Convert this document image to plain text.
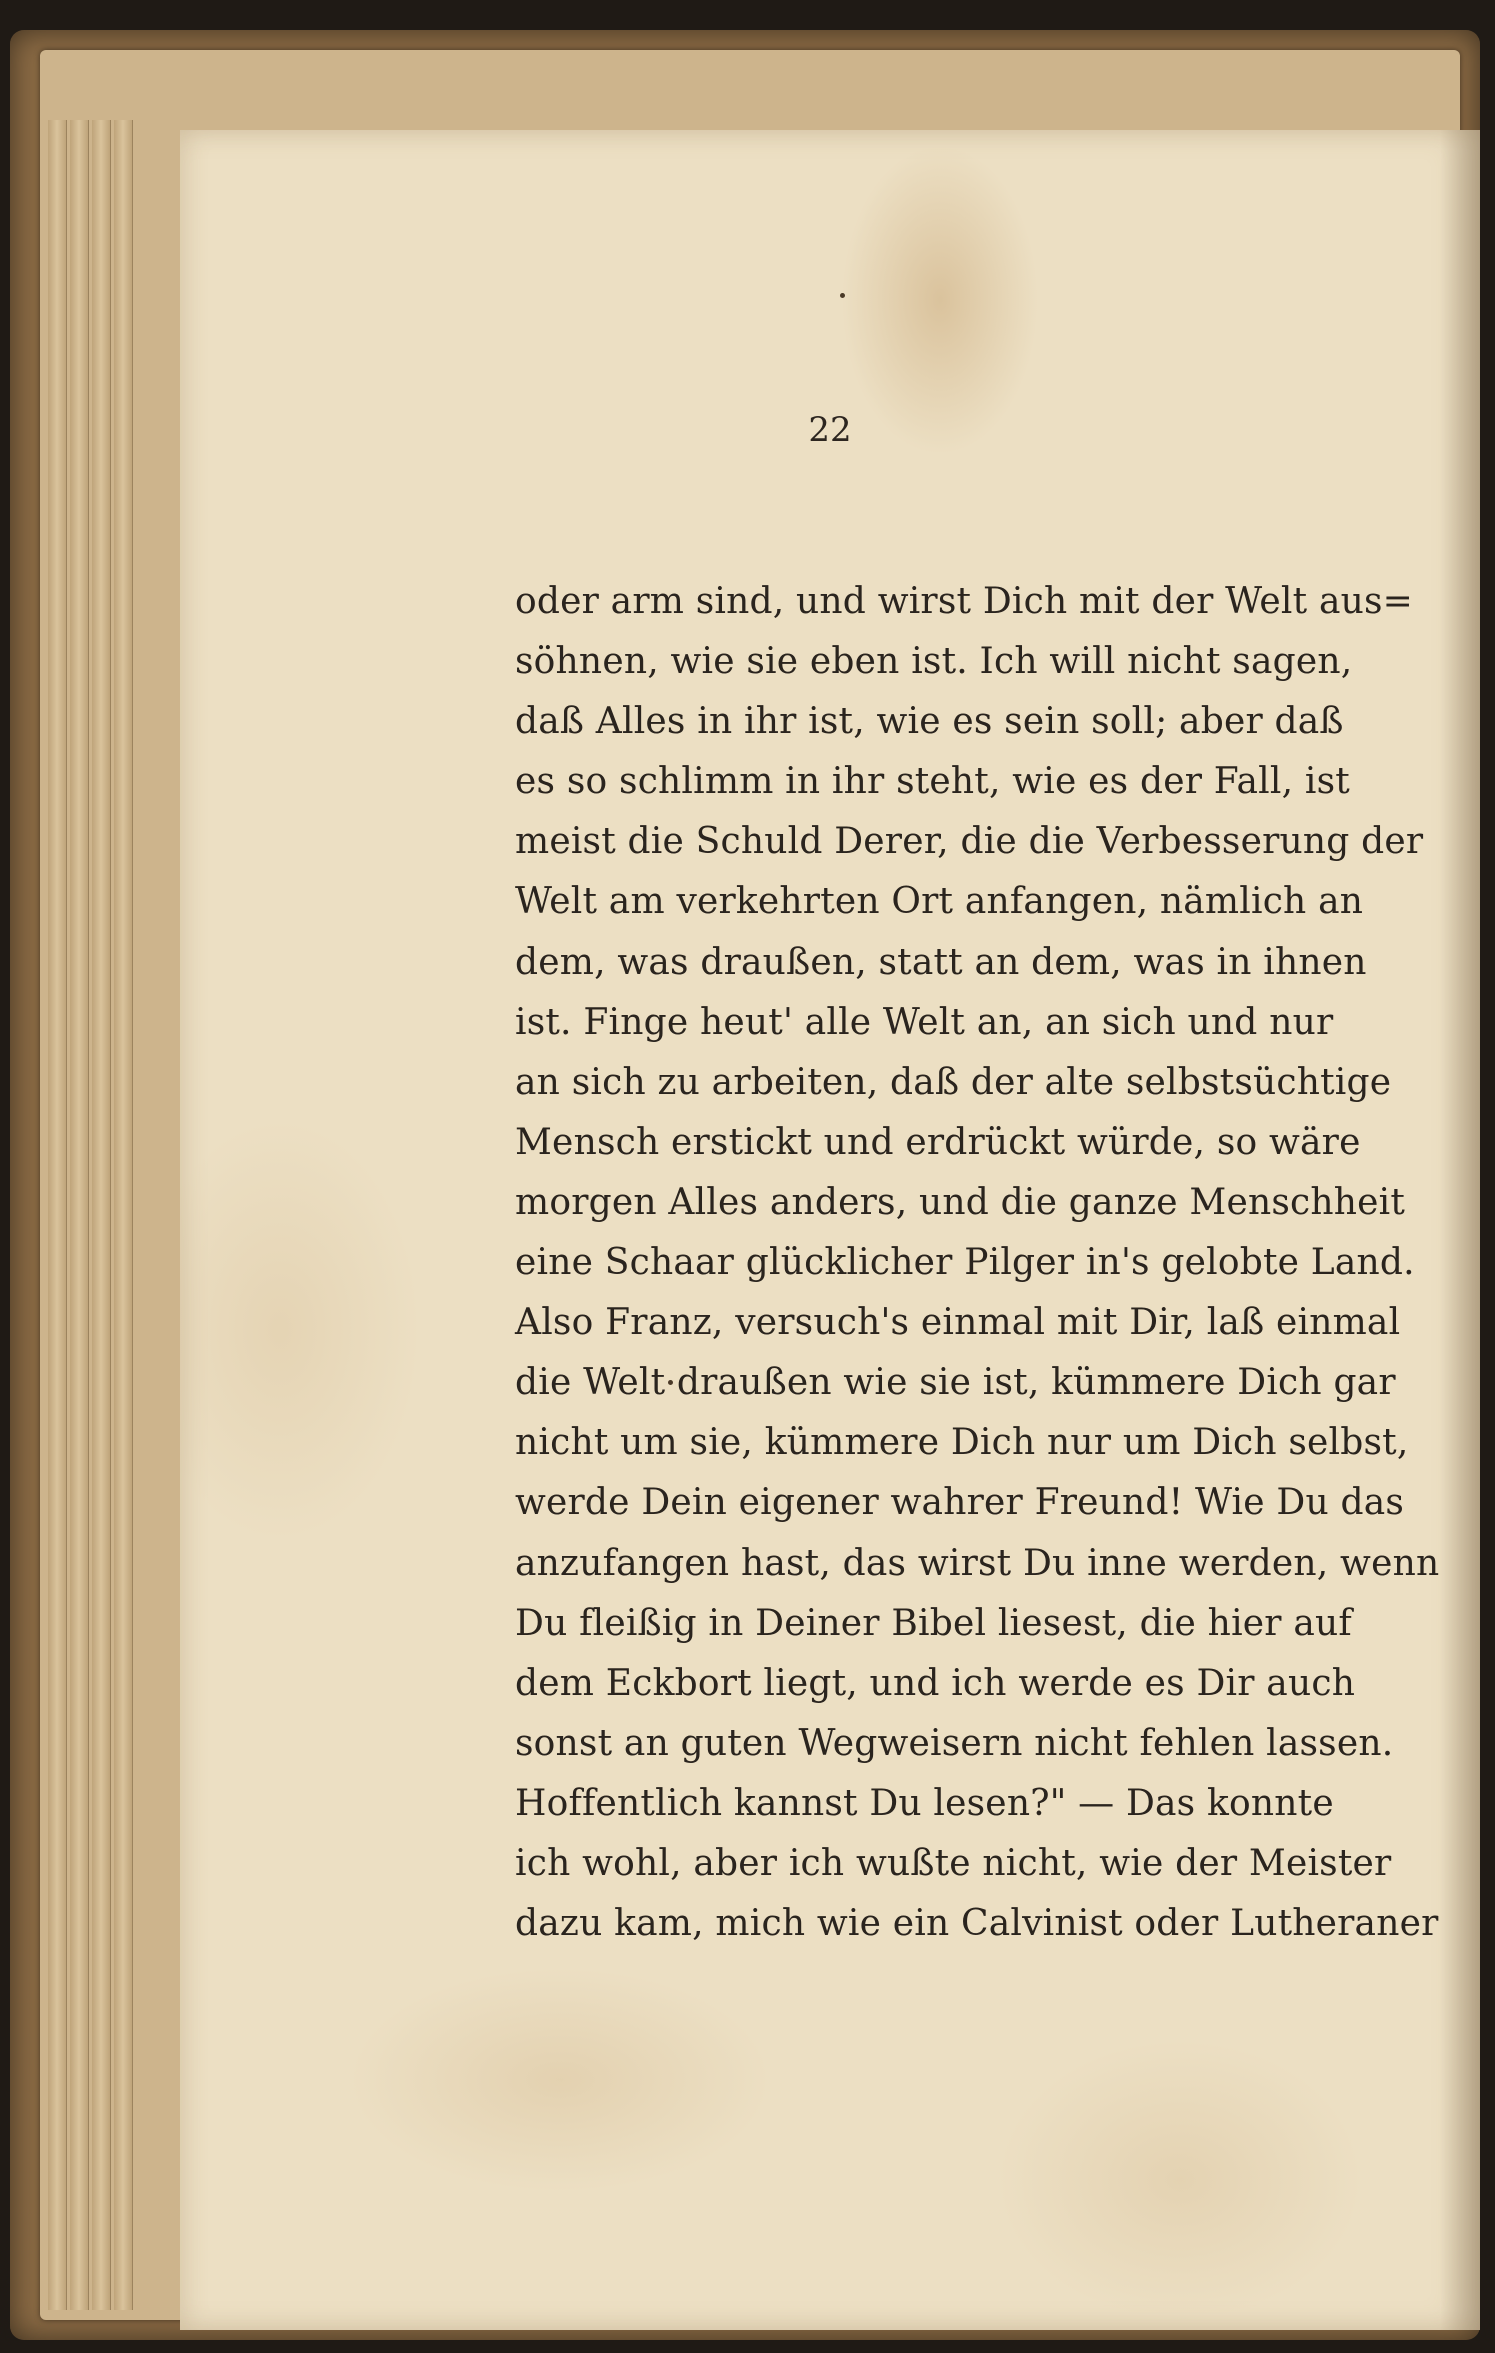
22
oder arm sind, und wirst Dich mit der Welt aus=
söhnen, wie sie eben ist. Ich will nicht sagen,
daß Alles in ihr ist, wie es sein soll; aber daß
es so schlimm in ihr steht, wie es der Fall, ist
meist die Schuld Derer, die die Verbesserung der
Welt am verkehrten Ort anfangen, nämlich an
dem, was draußen, statt an dem, was in ihnen
ist. Finge heut' alle Welt an, an sich und nur
an sich zu arbeiten, daß der alte selbstsüchtige
Mensch erstickt und erdrückt würde, so wäre
morgen Alles anders, und die ganze Menschheit
eine Schaar glücklicher Pilger in's gelobte Land.
Also Franz, versuch's einmal mit Dir, laß einmal
die Welt draußen wie sie ist, kümmere Dich gar
nicht um sie, kümmere Dich nur um Dich selbst,
werde Dein eigener wahrer Freund! Wie Du das
anzufangen hast, das wirst Du inne werden, wenn
Du fleißig in Deiner Bibel liesest, die hier auf
dem Eckbort liegt, und ich werde es Dir auch
sonst an guten Wegweisern nicht fehlen lassen.
Hoffentlich kannst Du lesen?" — Das konnte
ich wohl, aber ich wußte nicht, wie der Meister
dazu kam, mich wie ein Calvinist oder Lutheraner
